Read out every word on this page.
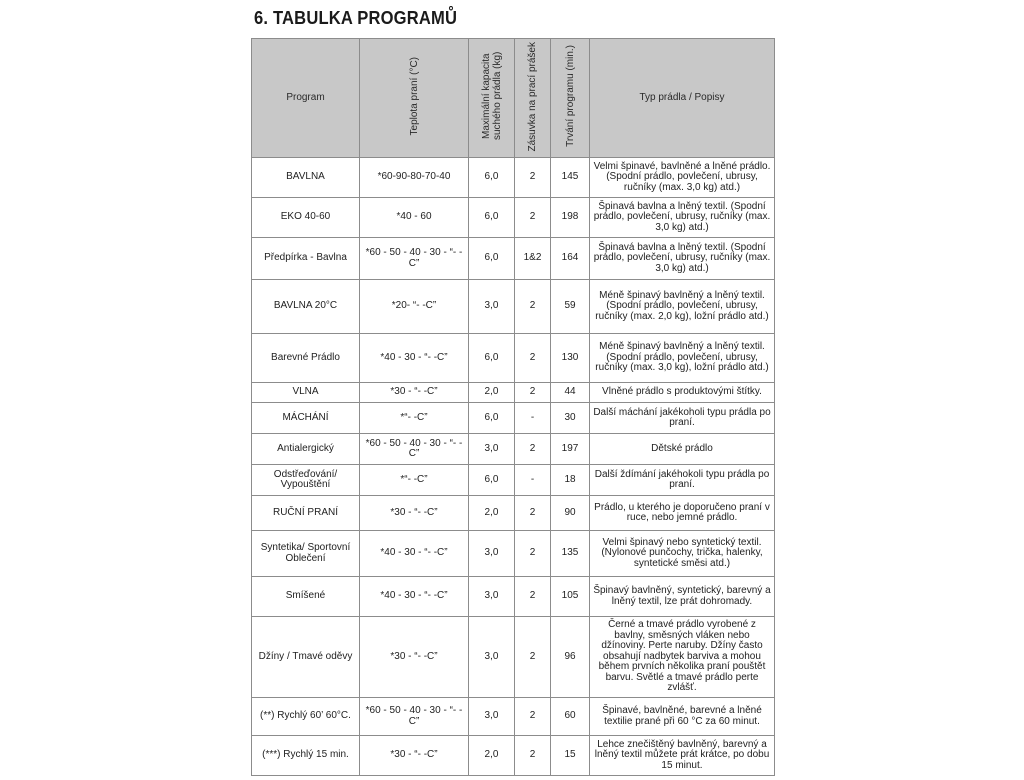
6. TABULKA PROGRAMŮ
Program	Teplota praní (°C)	Maximální kapacita suchého prádla (kg)	Zásuvka na prací prášek	Trvání programu (min.)	Typ prádla / Popisy
BAVLNA	*60-90-80-70-40	6,0	2	145	Velmi špinavé, bavlněné a lněné prádlo. (Spodní prádlo, povlečení, ubrusy, ručníky (max. 3,0 kg) atd.)
EKO 40-60	*40 - 60	6,0	2	198	Špinavá bavlna a lněný textil. (Spodní prádlo, povlečení, ubrusy, ručníky (max. 3,0 kg) atd.)
Předpírka - Bavlna	*60 - 50 - 40 - 30 - “- -C”	6,0	1&2	164	Špinavá bavlna a lněný textil. (Spodní prádlo, povlečení, ubrusy, ručníky (max. 3,0 kg) atd.)
BAVLNA 20°C	*20- “- -C”	3,0	2	59	Méně špinavý bavlněný a lněný textil. (Spodní prádlo, povlečení, ubrusy, ručníky (max. 2,0 kg), ložní prádlo atd.)
Barevné Prádlo	*40 - 30 - “- -C”	6,0	2	130	Méně špinavý bavlněný a lněný textil. (Spodní prádlo, povlečení, ubrusy, ručníky (max. 3,0 kg), ložní prádlo atd.)
VLNA	*30 - “- -C”	2,0	2	44	Vlněné prádlo s produktovými štítky.
MÁCHÁNÍ	*“- -C”	6,0	-	30	Další máchání jakékoholi typu prádla po praní.
Antialergický	*60 - 50 - 40 - 30 - “- -C”	3,0	2	197	Dětské prádlo
Odstřeďování/ Vypouštění	*“- -C”	6,0	-	18	Další ždímání jakéhokoli typu prádla po praní.
RUČNÍ PRANÍ	*30 - “- -C”	2,0	2	90	Prádlo, u kterého je doporučeno praní v ruce, nebo jemné prádlo.
Syntetika/ Sportovní Oblečení	*40 - 30 - “- -C”	3,0	2	135	Velmi špinavý nebo syntetický textil. (Nylonové punčochy, trička, halenky, syntetické směsi atd.)
Smíšené	*40 - 30 - “- -C”	3,0	2	105	Špinavý bavlněný, syntetický, barevný a lněný textil, lze prát dohromady.
Džíny / Tmavé oděvy	*30 - “- -C”	3,0	2	96	Černé a tmavé prádlo vyrobené z bavlny, směsných vláken nebo džínoviny. Perte naruby. Džíny často obsahují nadbytek barviva a mohou během prvních několika praní pouštět barvu. Světlé a tmavé prádlo perte zvlášť.
(**) Rychlý 60’ 60°C.	*60 - 50 - 40 - 30 - “- -C”	3,0	2	60	Špinavé, bavlněné, barevné a lněné textilie prané při 60 °C za 60 minut.
(***) Rychlý 15 min.	*30 - “- -C”	2,0	2	15	Lehce znečištěný bavlněný, barevný a lněný textil můžete prát krátce, po dobu 15 minut.
